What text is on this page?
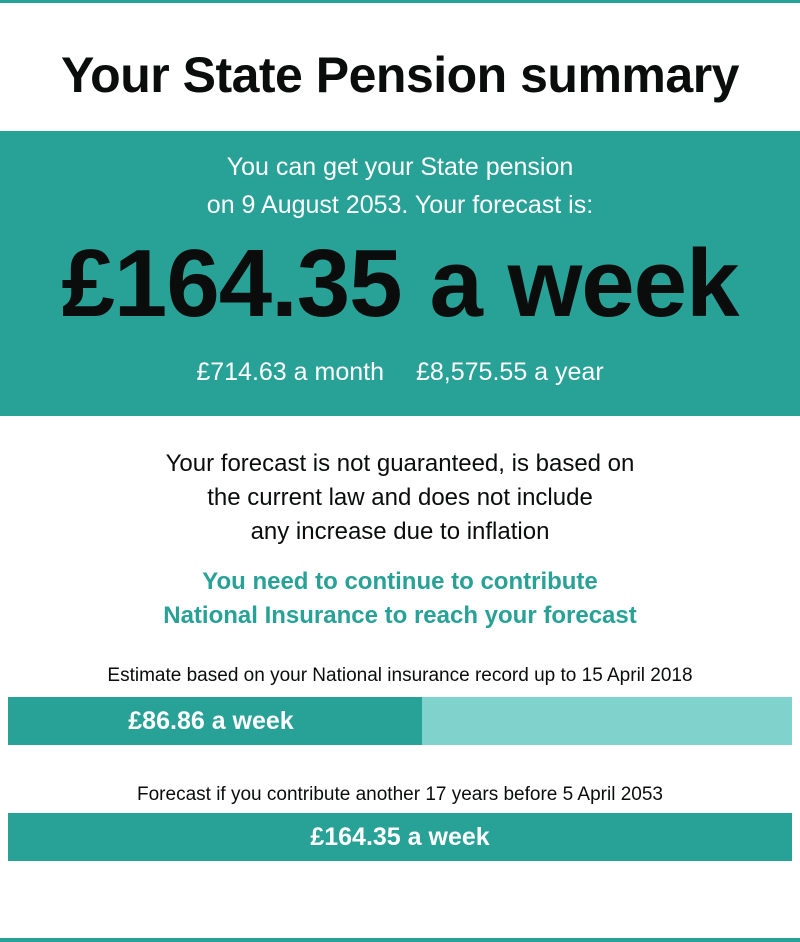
Your State Pension summary
You can get your State pension
on 9 August 2053. Your forecast is:
£164.35 a week
£714.63 a month £8,575.55 a year
Your forecast is not guaranteed, is based on
the current law and does not include
any increase due to inflation
You need to continue to contribute
National Insurance to reach your forecast
Estimate based on your National insurance record up to 15 April 2018
£86.86 a week
Forecast if you contribute another 17 years before 5 April 2053
£164.35 a week
